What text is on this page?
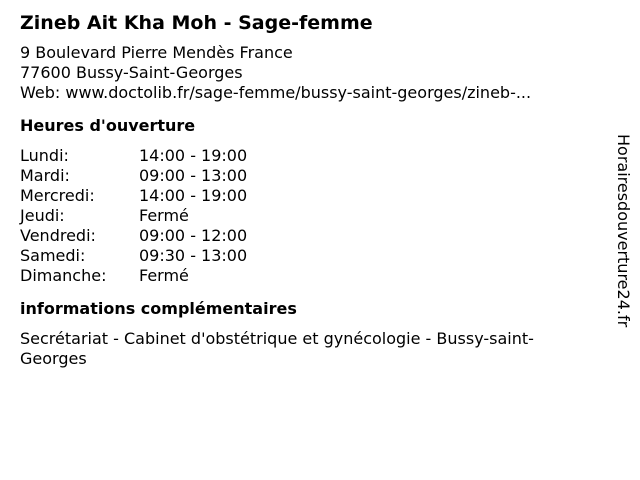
Zineb Ait Kha Moh - Sage-femme
9 Boulevard Pierre Mendès France
77600 Bussy-Saint-Georges
Web: www.doctolib.fr/sage-femme/bussy-saint-georges/zineb-...
Heures d'ouverture
Lundi:	14:00 - 19:00
Mardi:	09:00 - 13:00
Mercredi:	14:00 - 19:00
Jeudi:	Fermé
Vendredi:	09:00 - 12:00
Samedi:	09:30 - 13:00
Dimanche:	Fermé
informations complémentaires
Secrétariat - Cabinet d'obstétrique et gynécologie - Bussy-saint-Georges
Horairesdouverture24.fr
